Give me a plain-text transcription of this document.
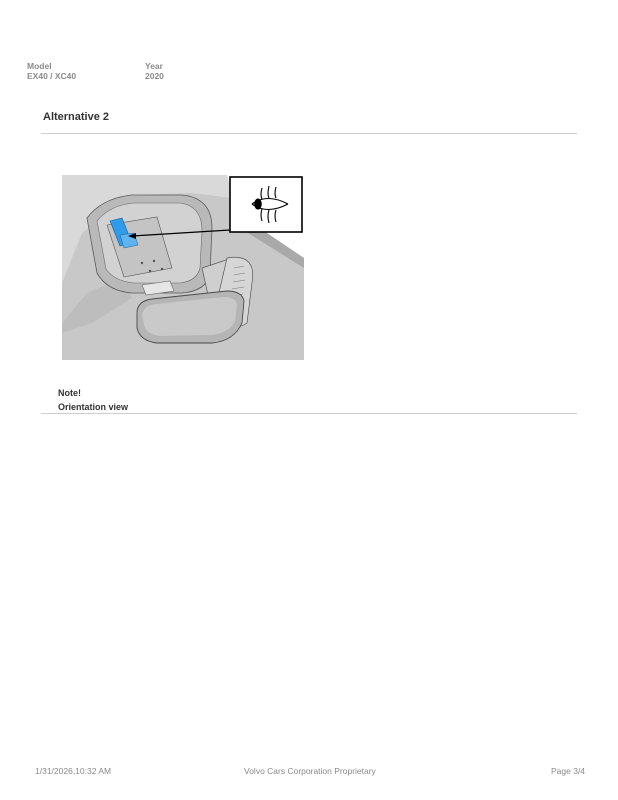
Model
EX40 / XC40
Year
2020
Alternative 2
Note!
Orientation view
1/31/2026,10:32 AM	Volvo Cars Corporation Proprietary	Page 3/4
